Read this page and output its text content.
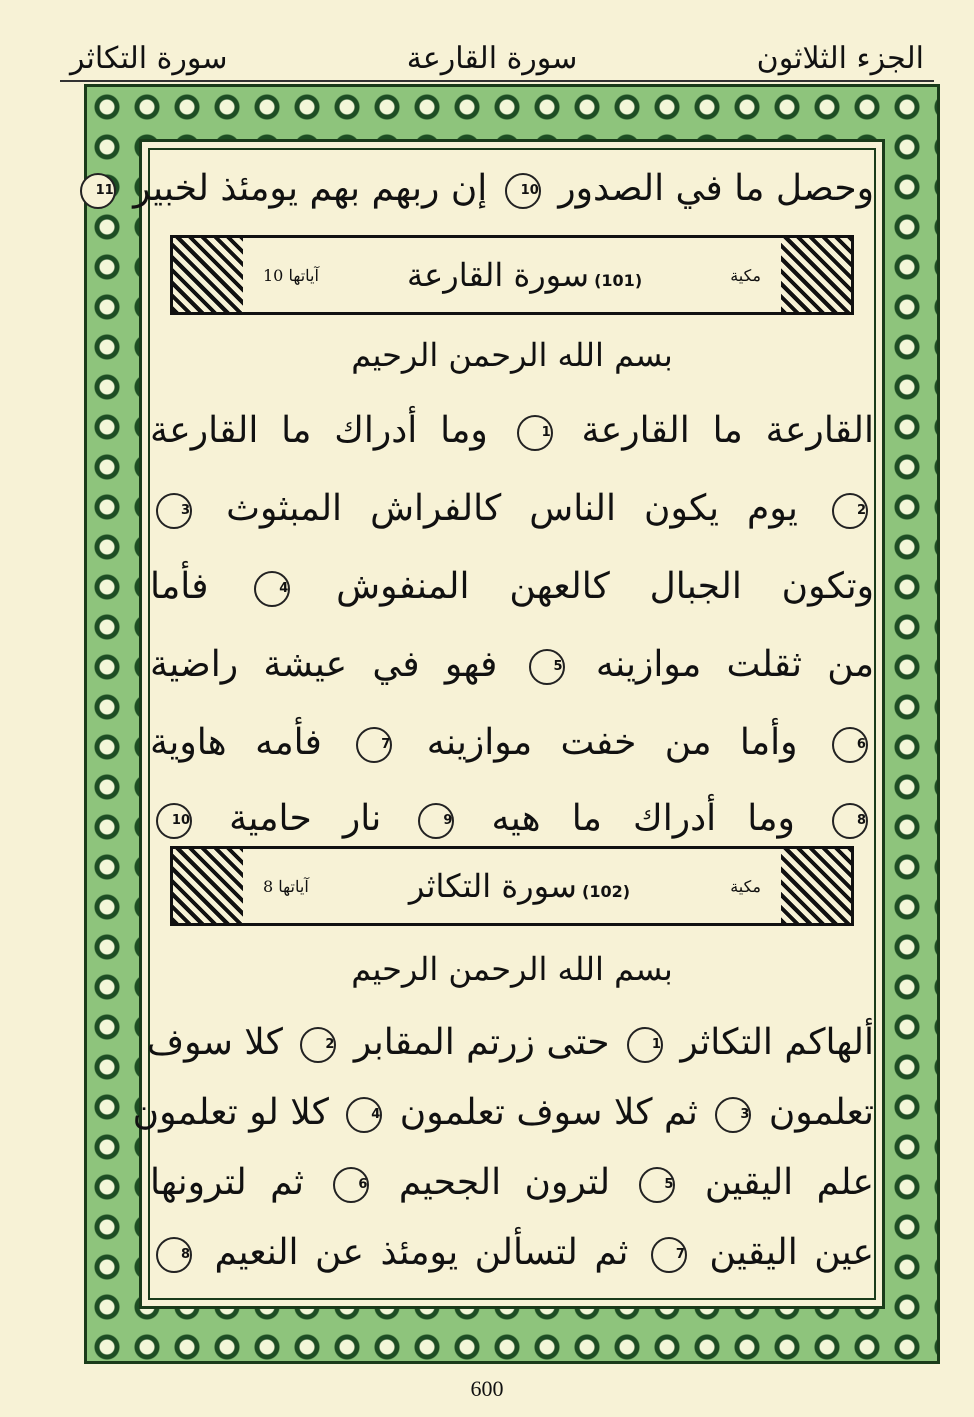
الجزء الثلاثون
سورة القارعة
سورة التكاثر
وحصل ما في الصدور 10 إن ربهم بهم يومئذ لخبير 11
مكية
(101) سورة القارعة
آياتها 10
بسم الله الرحمن الرحيم
القارعة ما القارعة 1 وما أدراك ما القارعة
2 يوم يكون الناس كالفراش المبثوث 3
وتكون الجبال كالعهن المنفوش 4 فأما
من ثقلت موازينه 5 فهو في عيشة راضية
6 وأما من خفت موازينه 7 فأمه هاوية
8 وما أدراك ما هيه 9 نار حامية 10
مكية
(102) سورة التكاثر
آياتها 8
بسم الله الرحمن الرحيم
ألهاكم التكاثر 1 حتى زرتم المقابر 2 كلا سوف
تعلمون 3 ثم كلا سوف تعلمون 4 كلا لو تعلمون
علم اليقين 5 لترون الجحيم 6 ثم لترونها
عين اليقين 7 ثم لتسألن يومئذ عن النعيم 8
600
